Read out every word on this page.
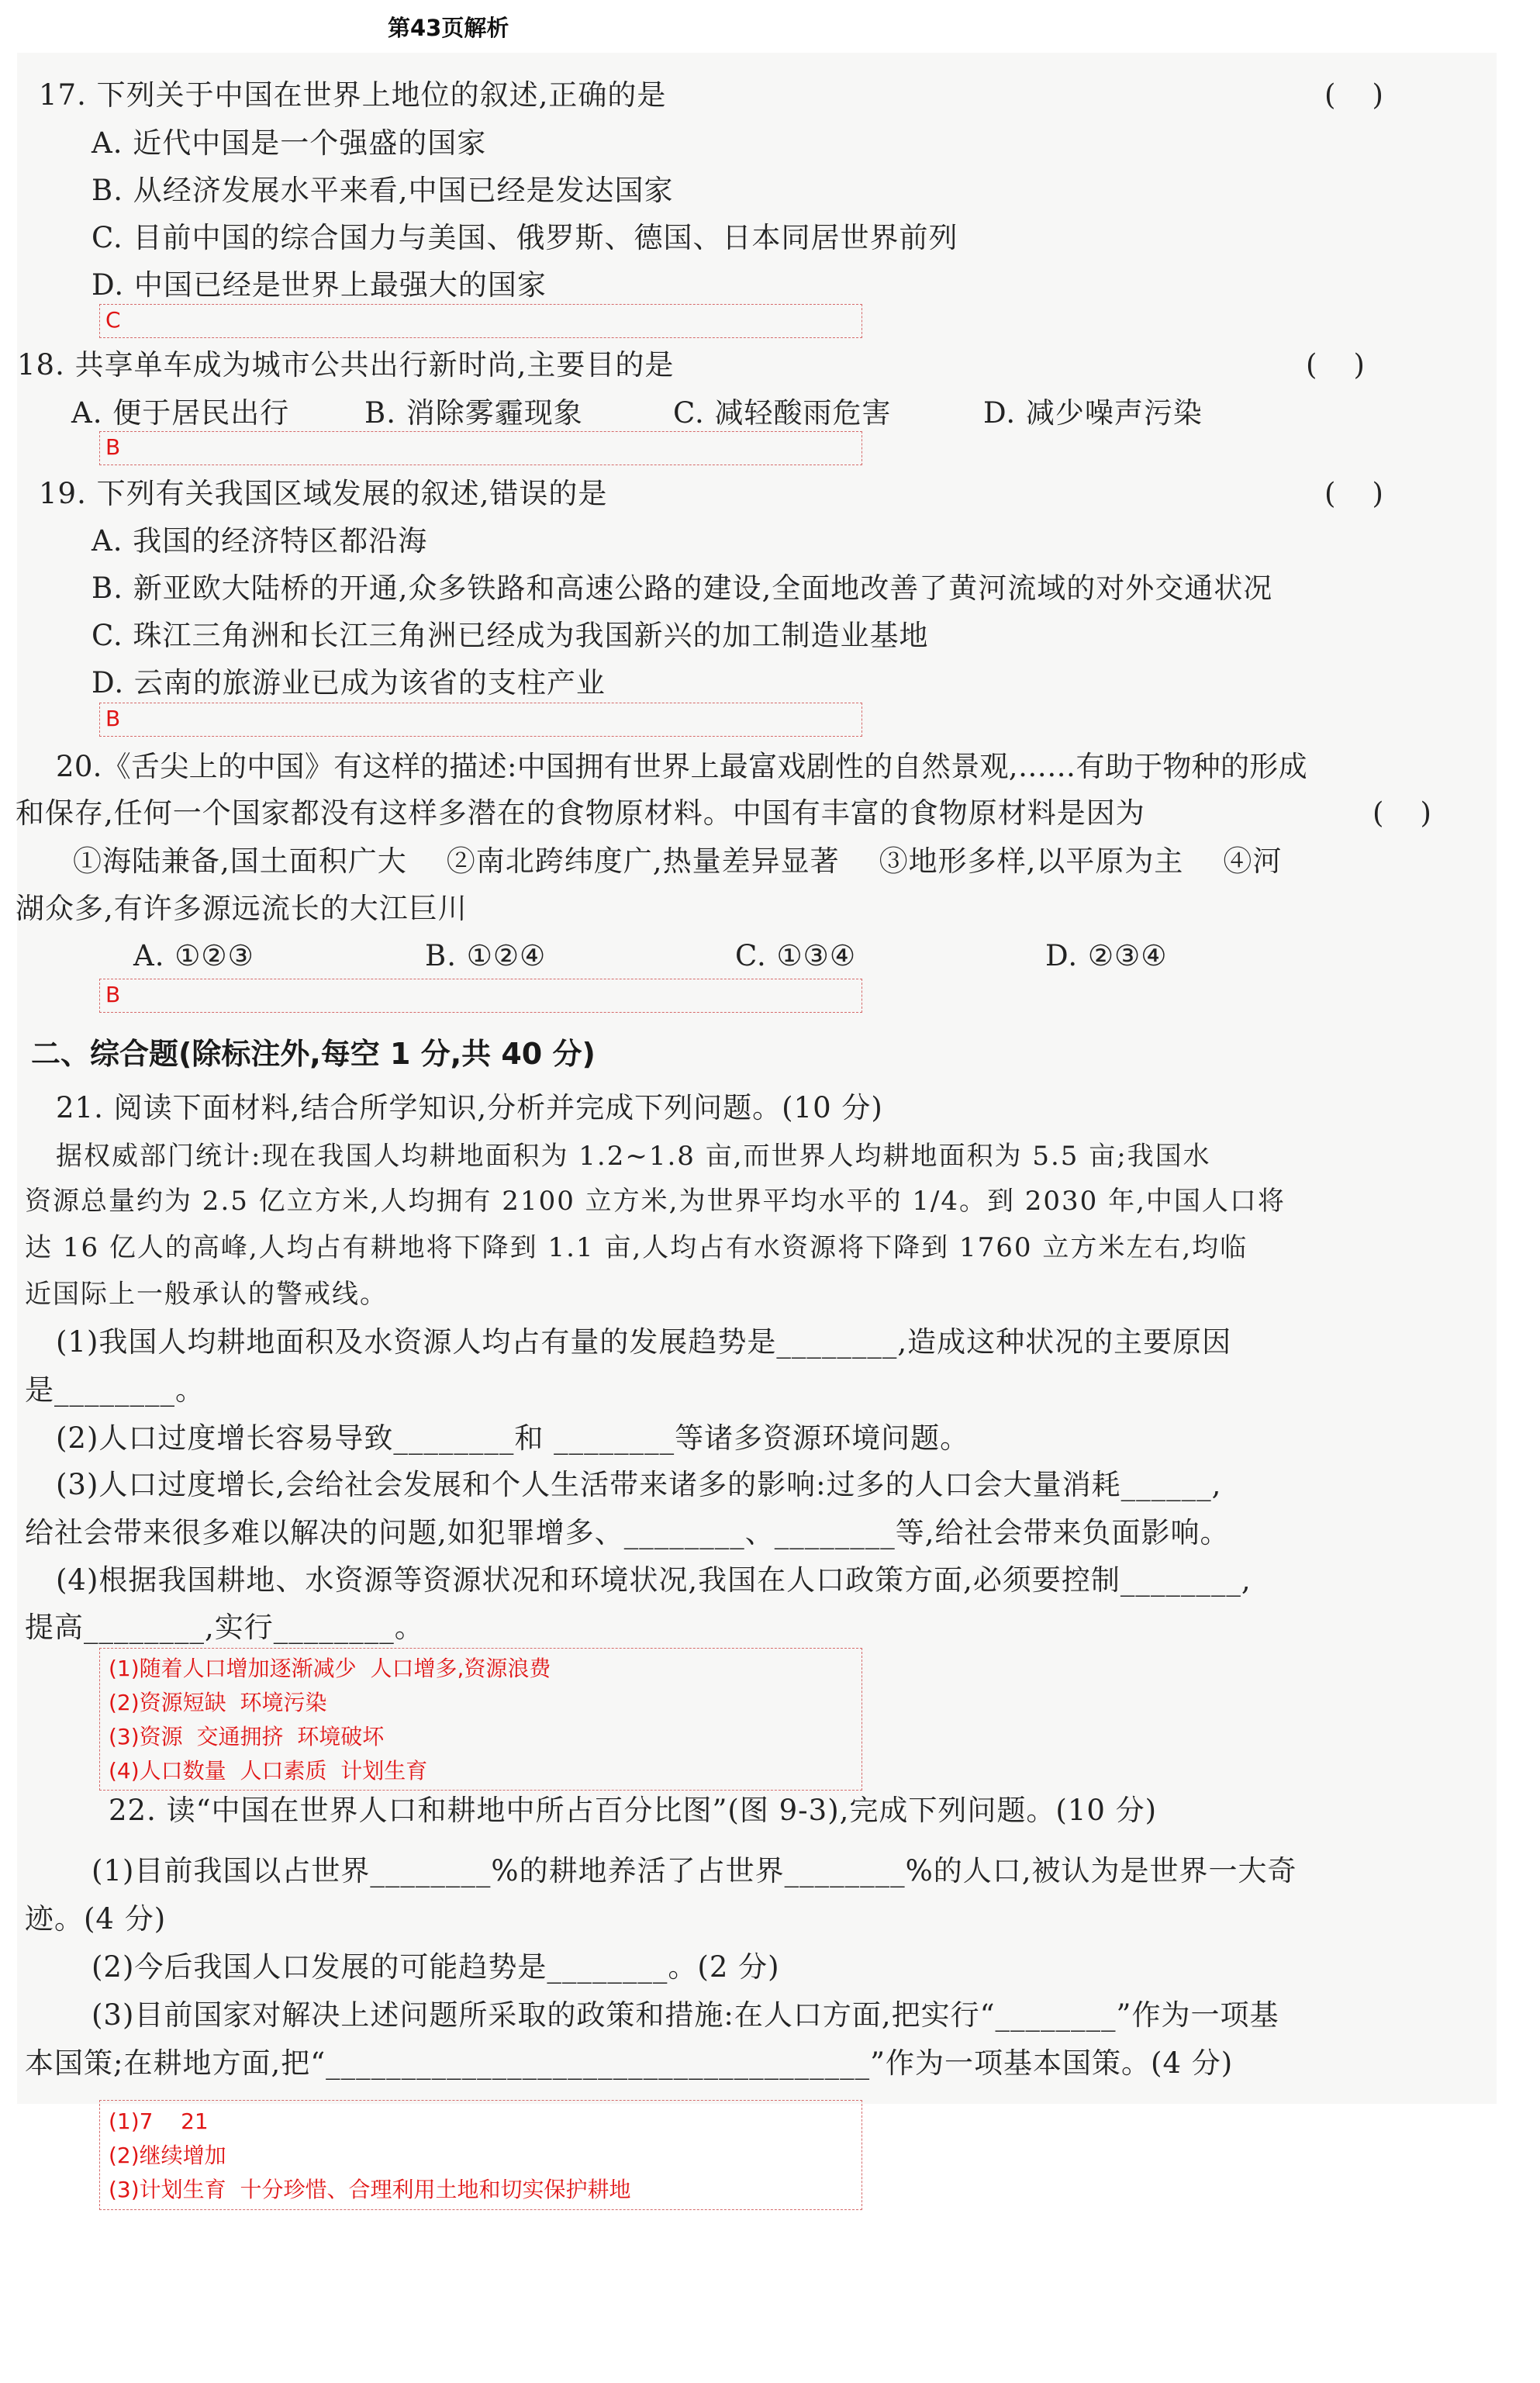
第43页解析
17. 下列关于中国在世界上地位的叙述,正确的是	(    )
A. 近代中国是一个强盛的国家
B. 从经济发展水平来看,中国已经是发达国家
C. 目前中国的综合国力与美国、俄罗斯、德国、日本同居世界前列
D. 中国已经是世界上最强大的国家
C
18. 共享单车成为城市公共出行新时尚,主要目的是	(    )
A. 便于居民出行	B. 消除雾霾现象	C. 减轻酸雨危害	D. 减少噪声污染
B
19. 下列有关我国区域发展的叙述,错误的是	(    )
A. 我国的经济特区都沿海
B. 新亚欧大陆桥的开通,众多铁路和高速公路的建设,全面地改善了黄河流域的对外交通状况
C. 珠江三角洲和长江三角洲已经成为我国新兴的加工制造业基地
D. 云南的旅游业已成为该省的支柱产业
B
20.《舌尖上的中国》有这样的描述:中国拥有世界上最富戏剧性的自然景观,……有助于物种的形成
和保存,任何一个国家都没有这样多潜在的食物原材料。中国有丰富的食物原材料是因为	(    )
①海陆兼备,国土面积广大    ②南北跨纬度广,热量差异显著    ③地形多样,以平原为主    ④河
湖众多,有许多源远流长的大江巨川
A. ①②③	B. ①②④	C. ①③④	D. ②③④
B
二、综合题(除标注外,每空 1 分,共 40 分)
21. 阅读下面材料,结合所学知识,分析并完成下列问题。(10 分)
据权威部门统计:现在我国人均耕地面积为 1.2~1.8 亩,而世界人均耕地面积为 5.5 亩;我国水
资源总量约为 2.5 亿立方米,人均拥有 2100 立方米,为世界平均水平的 1/4。到 2030 年,中国人口将
达 16 亿人的高峰,人均占有耕地将下降到 1.1 亩,人均占有水资源将下降到 1760 立方米左右,均临
近国际上一般承认的警戒线。
(1)我国人均耕地面积及水资源人均占有量的发展趋势是________,造成这种状况的主要原因
是________。
(2)人口过度增长容易导致________和 ________等诸多资源环境问题。
(3)人口过度增长,会给社会发展和个人生活带来诸多的影响:过多的人口会大量消耗______,
给社会带来很多难以解决的问题,如犯罪增多、________、________等,给社会带来负面影响。
(4)根据我国耕地、水资源等资源状况和环境状况,我国在人口政策方面,必须要控制________,
提高________,实行________。
(1)随着人口增加逐渐减少  人口增多,资源浪费
(2)资源短缺  环境污染
(3)资源  交通拥挤  环境破坏
(4)人口数量  人口素质  计划生育
22. 读“中国在世界人口和耕地中所占百分比图”(图 9-3),完成下列问题。(10 分)
(1)目前我国以占世界________%的耕地养活了占世界________%的人口,被认为是世界一大奇
迹。(4 分)
(2)今后我国人口发展的可能趋势是________。(2 分)
(3)目前国家对解决上述问题所采取的政策和措施:在人口方面,把实行“________”作为一项基
本国策;在耕地方面,把“____________________________________”作为一项基本国策。(4 分)
(1)7    21
(2)继续增加
(3)计划生育  十分珍惜、合理利用土地和切实保护耕地
